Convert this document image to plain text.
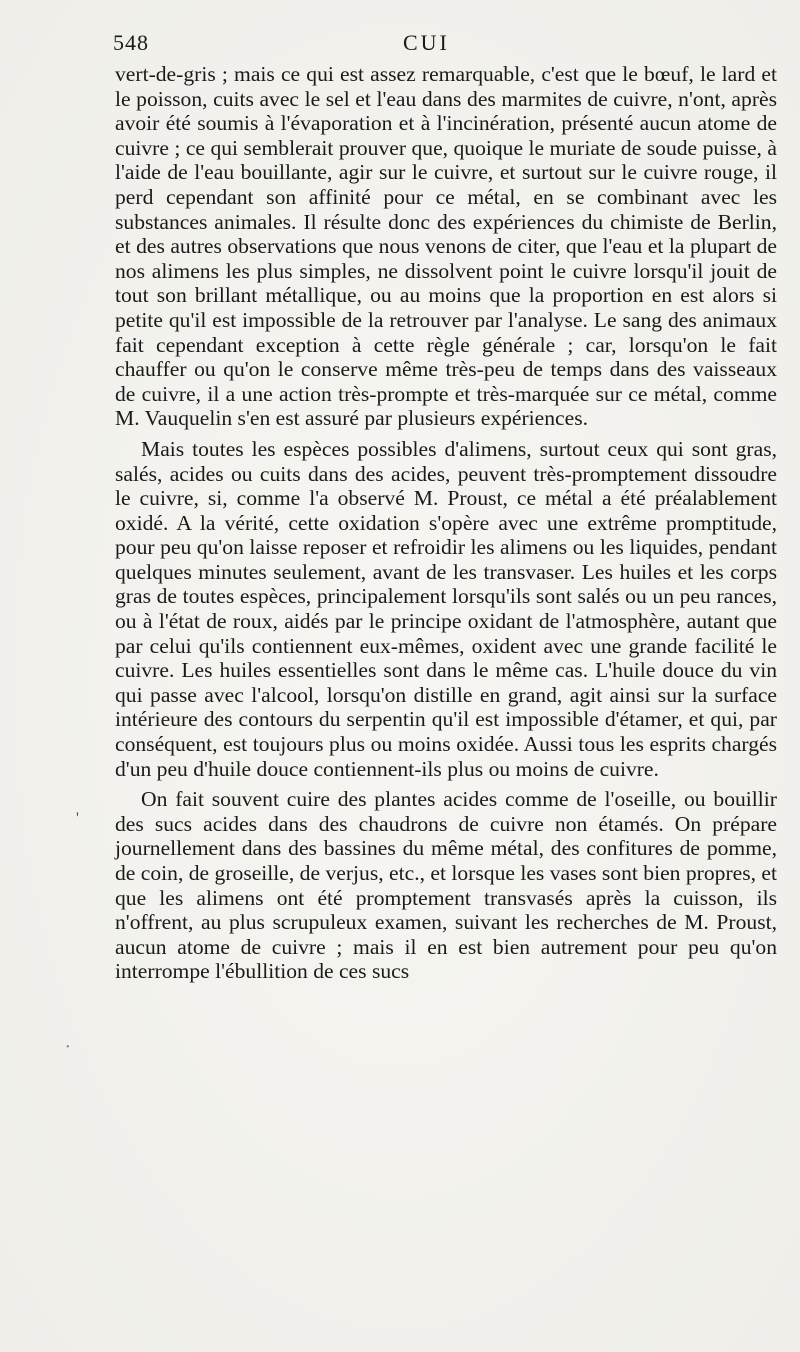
548	CUI

vert-de-gris ; mais ce qui est assez remarquable, c'est que le bœuf, le lard et le poisson, cuits avec le sel et l'eau dans des marmites de cuivre, n'ont, après avoir été soumis à l'évaporation et à l'incinération, présenté aucun atome de cuivre ; ce qui semblerait prouver que, quoique le muriate de soude puisse, à l'aide de l'eau bouillante, agir sur le cuivre, et surtout sur le cuivre rouge, il perd cependant son affinité pour ce métal, en se combinant avec les substances animales. Il résulte donc des expériences du chimiste de Berlin, et des autres observations que nous venons de citer, que l'eau et la plupart de nos alimens les plus simples, ne dissolvent point le cuivre lorsqu'il jouit de tout son brillant métallique, ou au moins que la proportion en est alors si petite qu'il est impossible de la retrouver par l'analyse. Le sang des animaux fait cependant exception à cette règle générale ; car, lorsqu'on le fait chauffer ou qu'on le conserve même très-peu de temps dans des vaisseaux de cuivre, il a une action très-prompte et très-marquée sur ce métal, comme M. Vauquelin s'en est assuré par plusieurs expériences.

Mais toutes les espèces possibles d'alimens, surtout ceux qui sont gras, salés, acides ou cuits dans des acides, peuvent très-promptement dissoudre le cuivre, si, comme l'a observé M. Proust, ce métal a été préalablement oxidé. A la vérité, cette oxidation s'opère avec une extrême promptitude, pour peu qu'on laisse reposer et refroidir les alimens ou les liquides, pendant quelques minutes seulement, avant de les transvaser. Les huiles et les corps gras de toutes espèces, principalement lorsqu'ils sont salés ou un peu rances, ou à l'état de roux, aidés par le principe oxidant de l'atmosphère, autant que par celui qu'ils contiennent eux-mêmes, oxident avec une grande facilité le cuivre. Les huiles essentielles sont dans le même cas. L'huile douce du vin qui passe avec l'alcool, lorsqu'on distille en grand, agit ainsi sur la surface intérieure des contours du serpentin qu'il est impossible d'étamer, et qui, par conséquent, est toujours plus ou moins oxidée. Aussi tous les esprits chargés d'un peu d'huile douce contiennent-ils plus ou moins de cuivre.

On fait souvent cuire des plantes acides comme de l'oseille, ou bouillir des sucs acides dans des chaudrons de cuivre non étamés. On prépare journellement dans des bassines du même métal, des confitures de pomme, de coin, de groseille, de verjus, etc., et lorsque les vases sont bien propres, et que les alimens ont été promptement transvasés après la cuisson, ils n'offrent, au plus scrupuleux examen, suivant les recherches de M. Proust, aucun atome de cuivre ; mais il en est bien autrement pour peu qu'on interrompe l'ébullition de ces sucs

'
•
